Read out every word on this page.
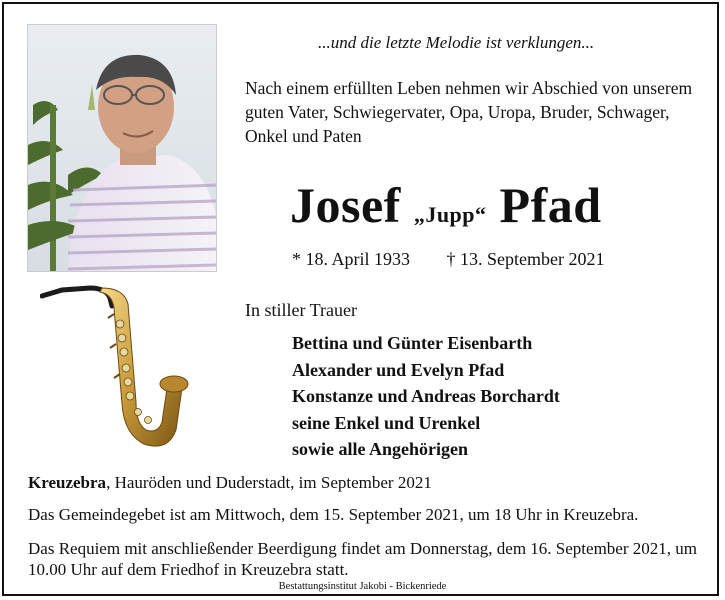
...und die letzte Melodie ist verklungen...
Nach einem erfüllten Leben nehmen wir Abschied von unserem guten Vater, Schwiegervater, Opa, Uropa, Bruder, Schwager, Onkel und Paten
Josef „Jupp“ Pfad
* 18. April 1933 † 13. September 2021
In stiller Trauer
Bettina und Günter Eisenbarth
Alexander und Evelyn Pfad
Konstanze und Andreas Borchardt
seine Enkel und Urenkel
sowie alle Angehörigen
Kreuzebra, Hauröden und Duderstadt, im September 2021
Das Gemeindegebet ist am Mittwoch, dem 15. September 2021, um 18 Uhr in Kreuzebra.
Das Requiem mit anschließender Beerdigung findet am Donnerstag, dem 16. September 2021, um 10.00 Uhr auf dem Friedhof in Kreuzebra statt.
Bestattungsinstitut Jakobi - Bickenriede
